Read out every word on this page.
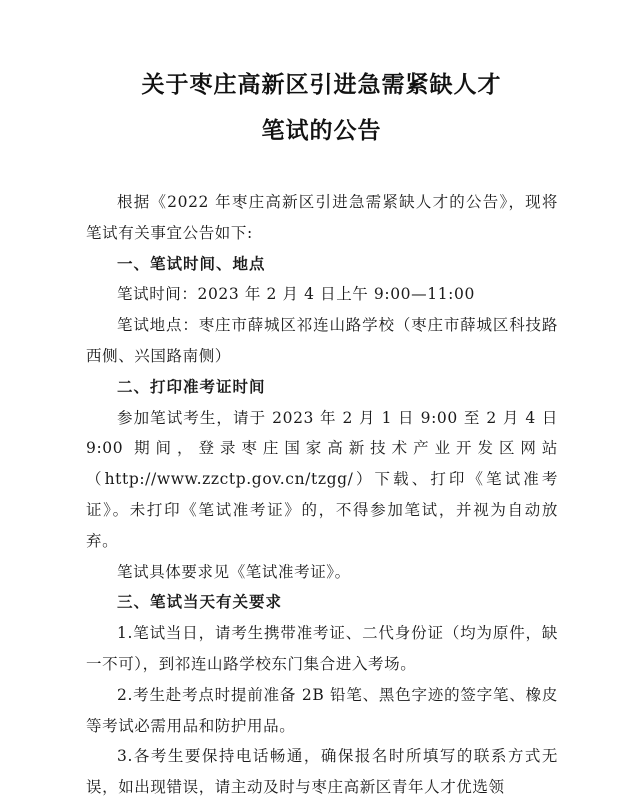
关于枣庄高新区引进急需紧缺人才
笔试的公告

根据《2022 年枣庄高新区引进急需紧缺人才的公告》，现将笔试有关事宜公告如下:

一、笔试时间、地点

笔试时间：2023 年 2 月 4 日上午 9:00—11:00

笔试地点：枣庄市薛城区祁连山路学校（枣庄市薛城区科技路西侧、兴国路南侧）

二、打印准考证时间

参加笔试考生，请于 2023 年 2 月 1 日 9:00 至 2 月 4 日 9:00 期间，登录枣庄国家高新技术产业开发区网站（http://www.zzctp.gov.cn/tzgg/）下载、打印《笔试准考证》。未打印《笔试准考证》的，不得参加笔试，并视为自动放弃。

笔试具体要求见《笔试准考证》。

三、笔试当天有关要求

1.笔试当日，请考生携带准考证、二代身份证（均为原件，缺一不可），到祁连山路学校东门集合进入考场。

2.考生赴考点时提前准备 2B 铅笔、黑色字迹的签字笔、橡皮等考试必需用品和防护用品。

3.各考生要保持电话畅通，确保报名时所填写的联系方式无误，如出现错误，请主动及时与枣庄高新区青年人才优选领
